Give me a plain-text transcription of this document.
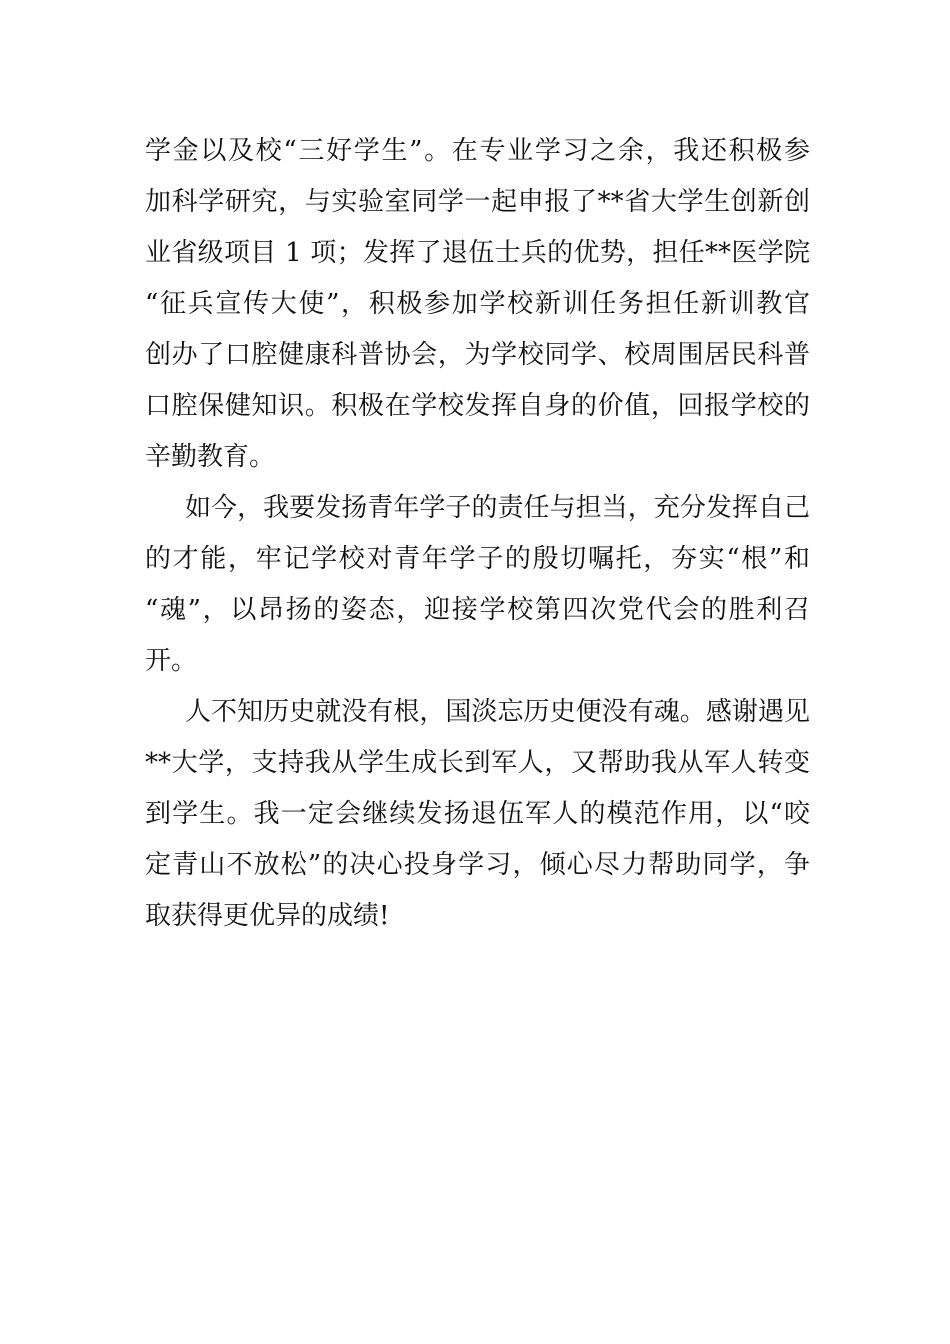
学金以及校“三好学生”。在专业学习之余，我还积极参
加科学研究，与实验室同学一起申报了**省大学生创新创
业省级项目 1 项；发挥了退伍士兵的优势，担任**医学院
“征兵宣传大使”，积极参加学校新训任务担任新训教官
创办了口腔健康科普协会，为学校同学、校周围居民科普
口腔保健知识。积极在学校发挥自身的价值，回报学校的
辛勤教育。
如今，我要发扬青年学子的责任与担当，充分发挥自己
的才能，牢记学校对青年学子的殷切嘱托，夯实“根”和
“魂”，以昂扬的姿态，迎接学校第四次党代会的胜利召
开。
人不知历史就没有根，国淡忘历史便没有魂。感谢遇见
**大学，支持我从学生成长到军人，又帮助我从军人转变
到学生。我一定会继续发扬退伍军人的模范作用，以“咬
定青山不放松”的决心投身学习，倾心尽力帮助同学，争
取获得更优异的成绩!
